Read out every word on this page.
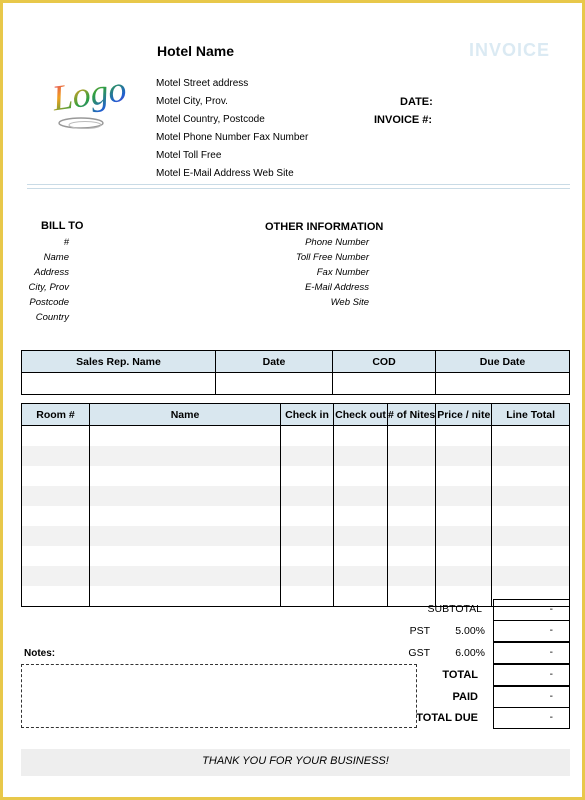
Logo
Hotel Name	INVOICE
Motel Street address
Motel City, Prov.
Motel Country, Postcode
Motel Phone Number Fax Number
Motel Toll Free
Motel E-Mail Address Web Site
DATE:
INVOICE #:
BILL TO
#
Name
Address
City, Prov
Postcode
Country
OTHER INFORMATION
Phone Number
Toll Free Number
Fax Number
E-Mail Address
Web Site
Sales Rep. Name	Date	COD	Due Date

Room #	Name	Check in	Check out	# of Nites	Price / nite	Line Total

SUBTOTAL	-
PST 5.00%	-
GST 6.00%	-
TOTAL	-
PAID	-
TOTAL DUE	-
Notes:
THANK YOU FOR YOUR BUSINESS!
